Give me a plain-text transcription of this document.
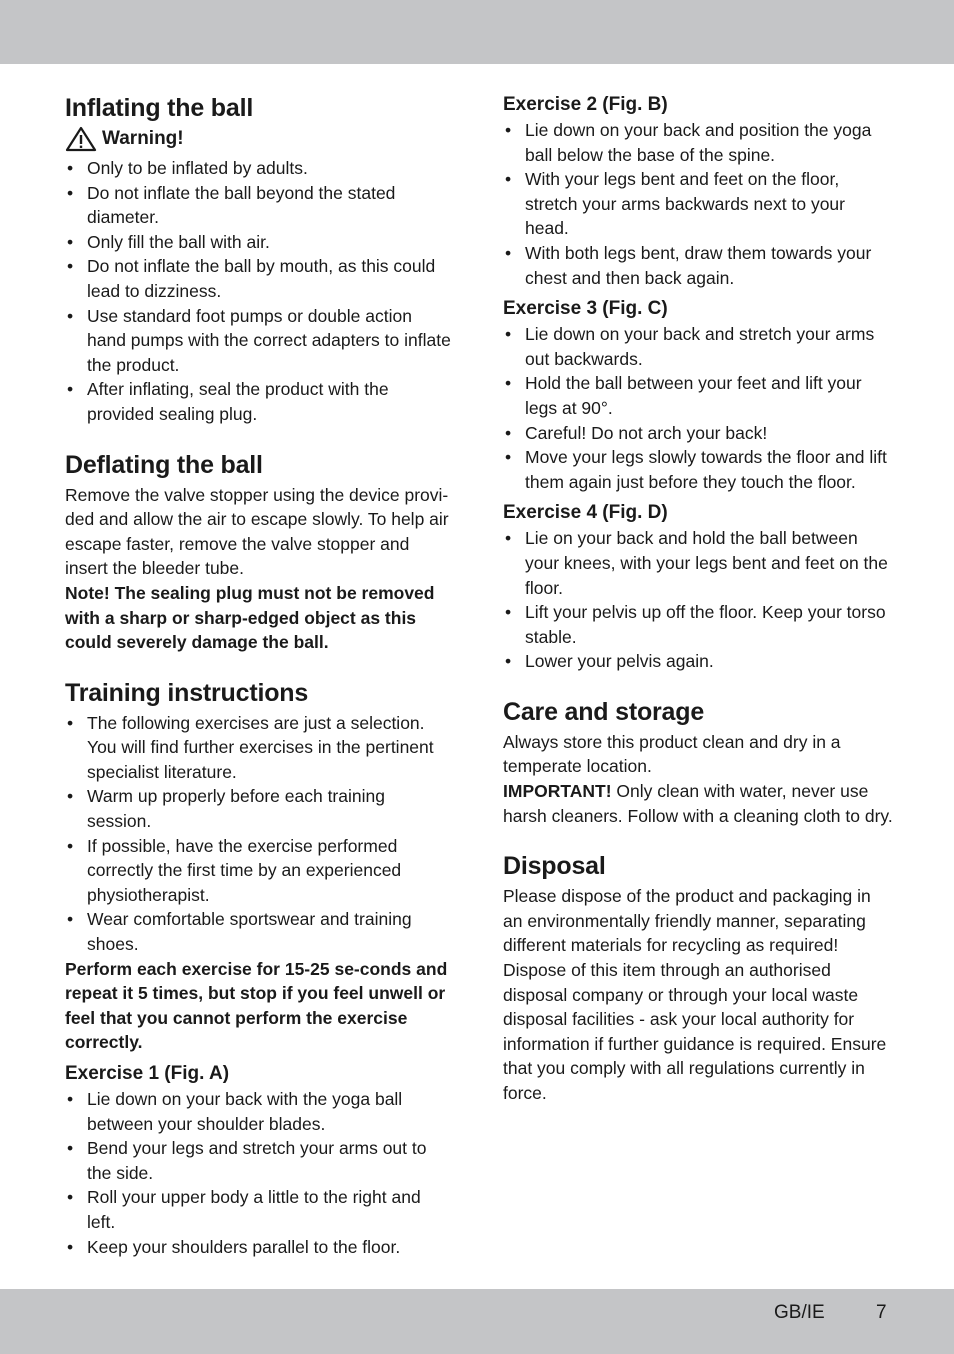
Inflating the ball
Warning!
• Only to be inflated by adults.
• Do not inflate the ball beyond the stated diameter.
• Only fill the ball with air.
• Do not inflate the ball by mouth, as this could lead to dizziness.
• Use standard foot pumps or double action hand pumps with the correct adapters to inflate the product.
• After inflating, seal the product with the provided sealing plug.
Deflating the ball

Remove the valve stopper using the device provi-ded and allow the air to escape slowly. To help air escape faster, remove the valve stopper and insert the bleeder tube.

Note! The sealing plug must not be removed with a sharp or sharp-edged object as this could severely damage the ball.

Training instructions
• The following exercises are just a selection. You will find further exercises in the pertinent specialist literature.
• Warm up properly before each training session.
• If possible, have the exercise performed correctly the first time by an experienced physiotherapist.
• Wear comfortable sportswear and training shoes.

Perform each exercise for 15-25 se-conds and repeat it 5 times, but stop if you feel unwell or feel that you cannot perform the exercise correctly.

Exercise 1 (Fig. A)
• Lie down on your back with the yoga ball between your shoulder blades.
• Bend your legs and stretch your arms out to the side.
• Roll your upper body a little to the right and left.
• Keep your shoulders parallel to the floor.
Exercise 2 (Fig. B)
• Lie down on your back and position the yoga ball below the base of the spine.
• With your legs bent and feet on the floor, stretch your arms backwards next to your head.
• With both legs bent, draw them towards your chest and then back again.
Exercise 3 (Fig. C)
• Lie down on your back and stretch your arms out backwards.
• Hold the ball between your feet and lift your legs at 90°.
• Careful! Do not arch your back!
• Move your legs slowly towards the floor and lift them again just before they touch the floor.
Exercise 4 (Fig. D)
• Lie on your back and hold the ball between your knees, with your legs bent and feet on the floor.
• Lift your pelvis up off the floor. Keep your torso stable.
• Lower your pelvis again.
Care and storage

Always store this product clean and dry in a temperate location.

IMPORTANT! Only clean with water, never use harsh cleaners. Follow with a cleaning cloth to dry.

Disposal

Please dispose of the product and packaging in an environmentally friendly manner, separating different materials for recycling as required! Dispose of this item through an authorised disposal company or through your local waste disposal facilities - ask your local authority for information if further guidance is required. Ensure that you comply with all regulations currently in force.

GB/IE	7
